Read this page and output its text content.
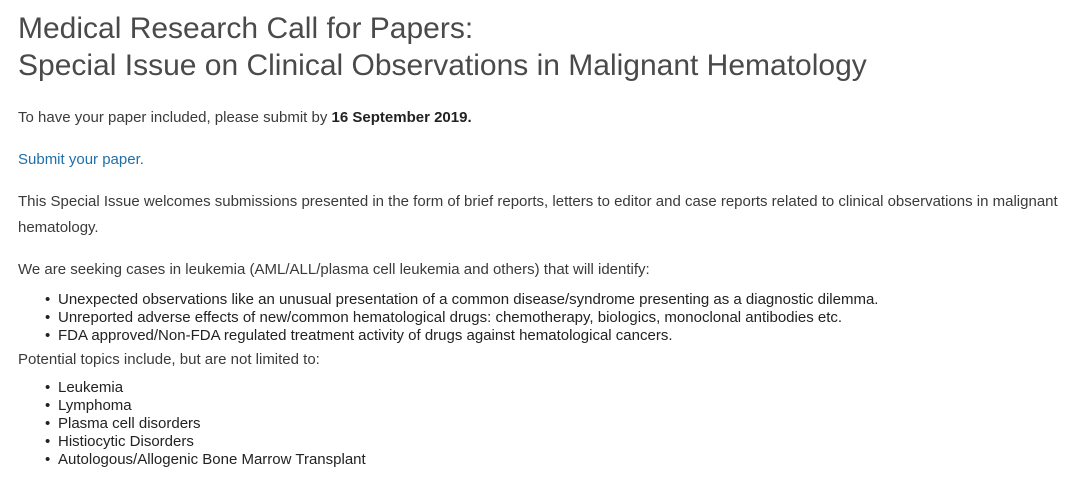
Medical Research Call for Papers:
Special Issue on Clinical Observations in Malignant Hematology

To have your paper included, please submit by 16 September 2019.

Submit your paper.

This Special Issue welcomes submissions presented in the form of brief reports, letters to editor and case reports related to clinical observations in malignant hematology.

We are seeking cases in leukemia (AML/ALL/plasma cell leukemia and others) that will identify:

• Unexpected observations like an unusual presentation of a common disease/syndrome presenting as a diagnostic dilemma.
• Unreported adverse effects of new/common hematological drugs: chemotherapy, biologics, monoclonal antibodies etc.
• FDA approved/Non-FDA regulated treatment activity of drugs against hematological cancers.

Potential topics include, but are not limited to:

• Leukemia
• Lymphoma
• Plasma cell disorders
• Histiocytic Disorders
• Autologous/Allogenic Bone Marrow Transplant
